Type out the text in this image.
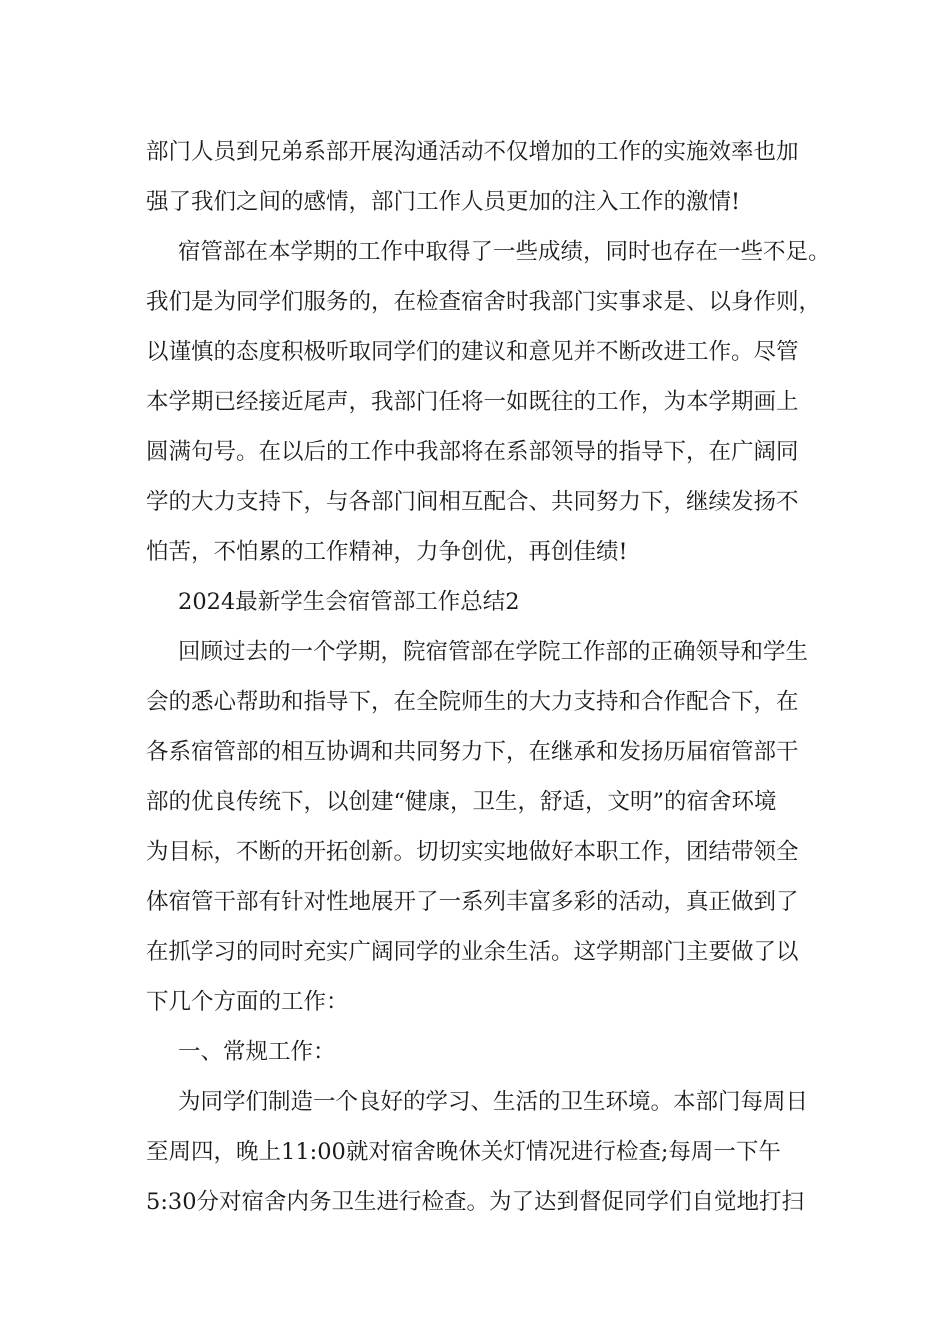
部门人员到兄弟系部开展沟通活动不仅增加的工作的实施效率也加
强了我们之间的感情，部门工作人员更加的注入工作的激情!
宿管部在本学期的工作中取得了一些成绩，同时也存在一些不足。
我们是为同学们服务的，在检查宿舍时我部门实事求是、以身作则，
以谨慎的态度积极听取同学们的建议和意见并不断改进工作。尽管
本学期已经接近尾声，我部门任将一如既往的工作，为本学期画上
圆满句号。在以后的工作中我部将在系部领导的指导下，在广阔同
学的大力支持下，与各部门间相互配合、共同努力下，继续发扬不
怕苦，不怕累的工作精神，力争创优，再创佳绩!
2024最新学生会宿管部工作总结2
回顾过去的一个学期，院宿管部在学院工作部的正确领导和学生
会的悉心帮助和指导下，在全院师生的大力支持和合作配合下，在
各系宿管部的相互协调和共同努力下，在继承和发扬历届宿管部干
部的优良传统下，以创建“健康，卫生，舒适，文明”的宿舍环境
为目标，不断的开拓创新。切切实实地做好本职工作，团结带领全
体宿管干部有针对性地展开了一系列丰富多彩的活动，真正做到了
在抓学习的同时充实广阔同学的业余生活。这学期部门主要做了以
下几个方面的工作：
一、常规工作：
为同学们制造一个良好的学习、生活的卫生环境。本部门每周日
至周四，晚上11:00就对宿舍晚休关灯情况进行检查;每周一下午
5:30分对宿舍内务卫生进行检查。为了达到督促同学们自觉地打扫
